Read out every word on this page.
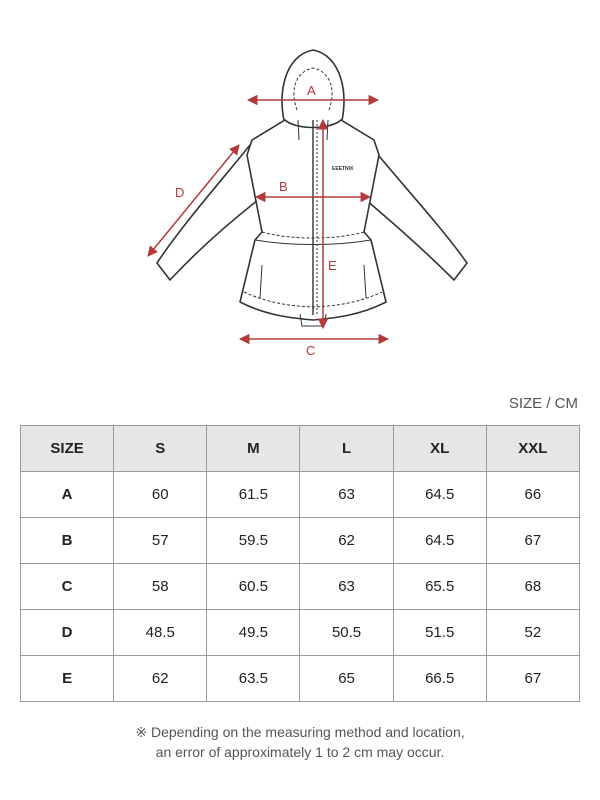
EEETNIX
A
B
C
D
E
SIZE / CM
SIZE	S	M	L	XL	XXL
A	60	61.5	63	64.5	66
B	57	59.5	62	64.5	67
C	58	60.5	63	65.5	68
D	48.5	49.5	50.5	51.5	52
E	62	63.5	65	66.5	67
※ Depending on the measuring method and location,
an error of approximately 1 to 2 cm may occur.
